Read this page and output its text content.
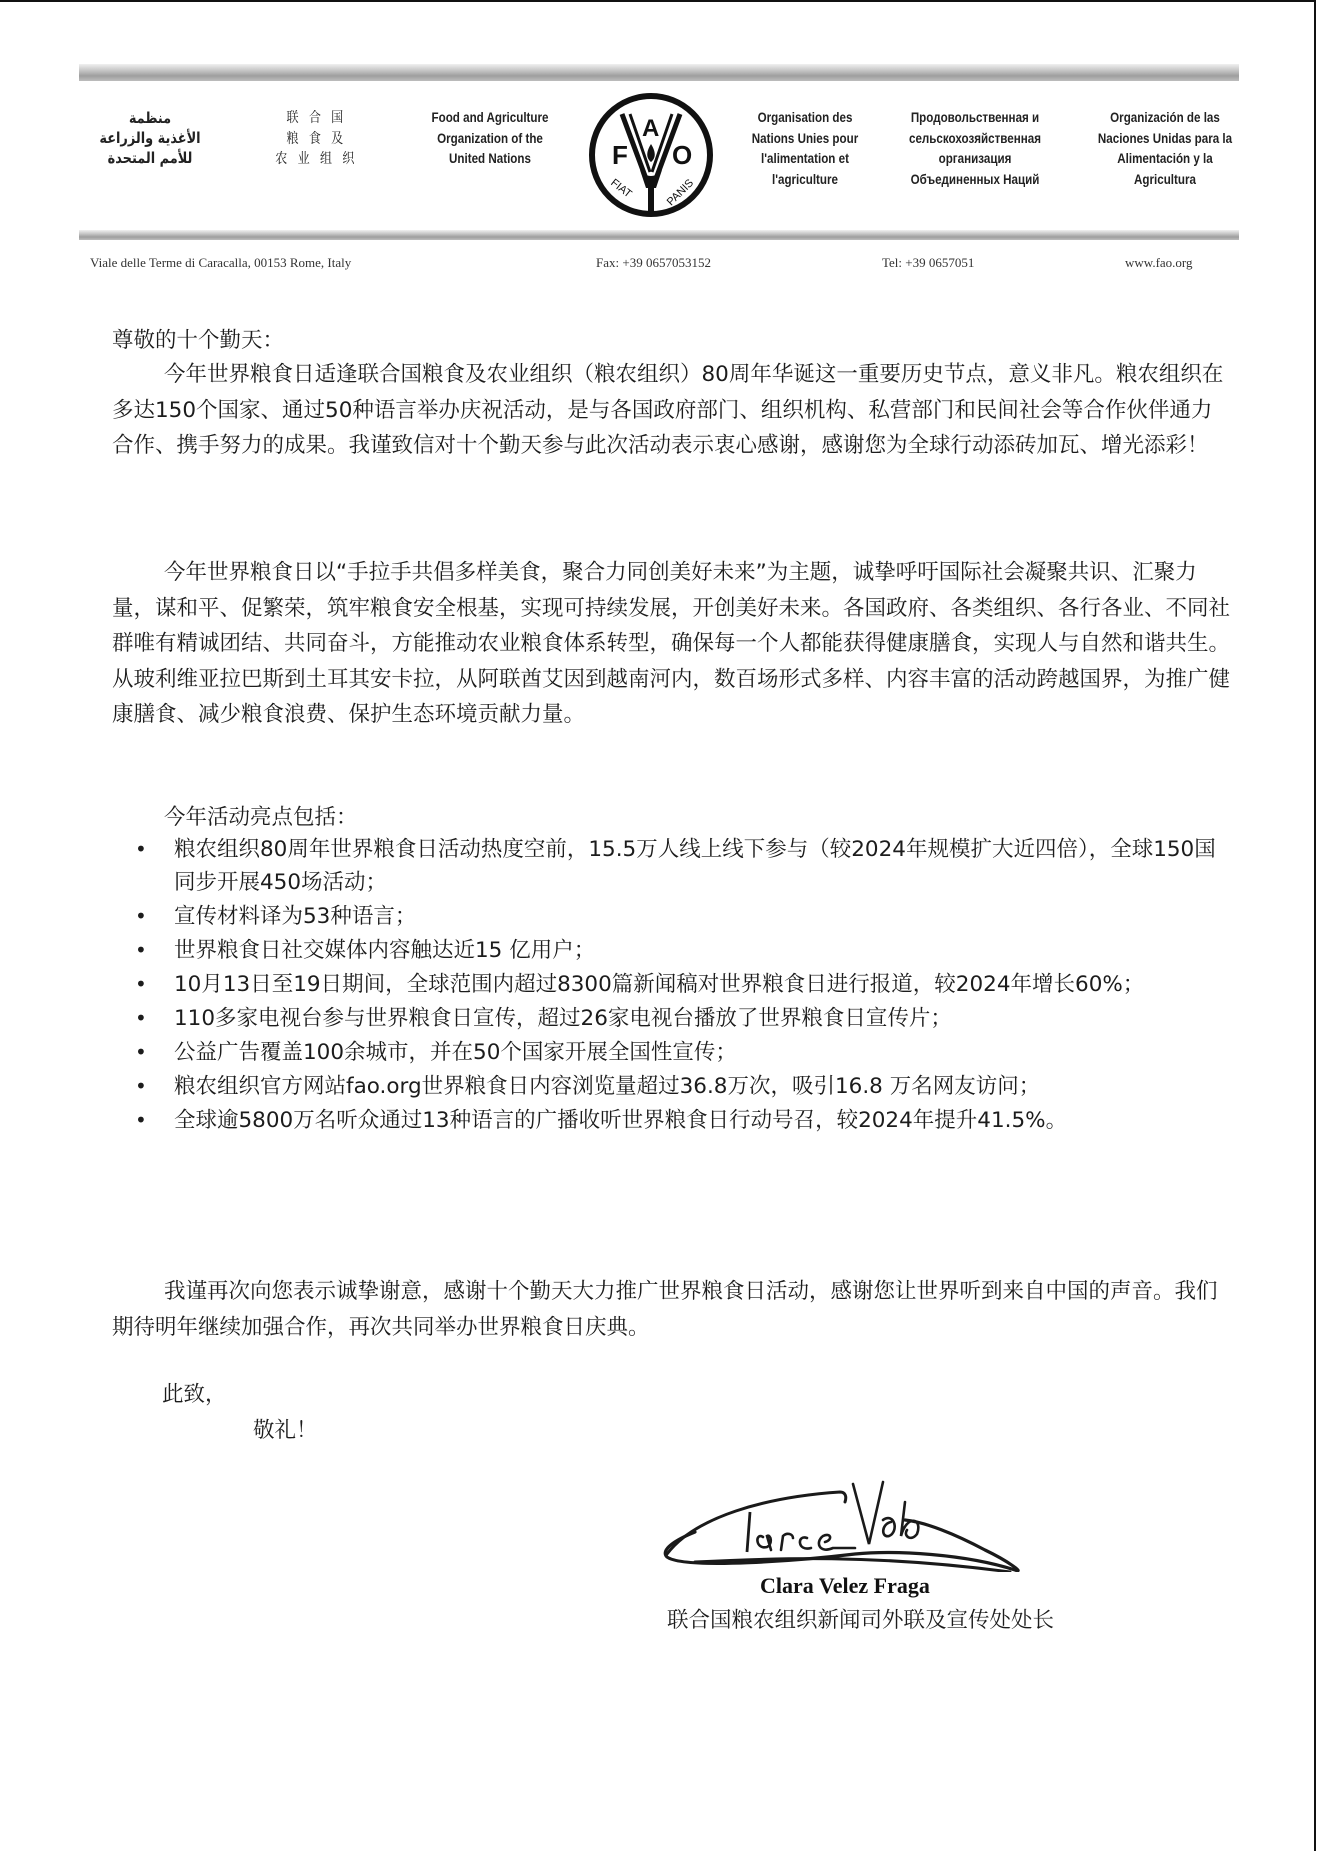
منظمة
الأغذية والزراعة
للأمم المتحدة
联合国
粮食及
农业组织
Food and Agriculture
Organization of the
United Nations	F
A
O
FIAT	PANIS
Organisation des
Nations Unies pour
l'alimentation et
l'agriculture
Продовольственная и
сельскохозяйственная
организация
Объединенных Наций
Organización de las
Naciones Unidas para la
Alimentación y la
Agricultura
Viale delle Terme di Caracalla, 00153 Rome, Italy	Fax: +39 0657053152	Tel: +39 0657051	www.fao.org
尊敬的十个勤天：

今年世界粮食日适逢联合国粮食及农业组织（粮农组织）80周年华诞这一重要历史节点，意义非凡。粮农组织在多达150个国家、通过50种语言举办庆祝活动，是与各国政府部门、组织机构、私营部门和民间社会等合作伙伴通力合作、携手努力的成果。我谨致信对十个勤天参与此次活动表示衷心感谢，感谢您为全球行动添砖加瓦、增光添彩！

今年世界粮食日以“手拉手共倡多样美食，聚合力同创美好未来”为主题，诚挚呼吁国际社会凝聚共识、汇聚力量，谋和平、促繁荣，筑牢粮食安全根基，实现可持续发展，开创美好未来。各国政府、各类组织、各行各业、不同社群唯有精诚团结、共同奋斗，方能推动农业粮食体系转型，确保每一个人都能获得健康膳食，实现人与自然和谐共生。 从玻利维亚拉巴斯到土耳其安卡拉，从阿联酋艾因到越南河内，数百场形式多样、内容丰富的活动跨越国界，为推广健康膳食、减少粮食浪费、保护生态环境贡献力量。

今年活动亮点包括：
• 粮农组织80周年世界粮食日活动热度空前，15.5万人线上线下参与（较2024年规模扩大近四倍），全球150国同步开展450场活动；
• 宣传材料译为53种语言；
• 世界粮食日社交媒体内容触达近15 亿用户；
• 10月13日至19日期间，全球范围内超过8300篇新闻稿对世界粮食日进行报道，较2024年增长60%；
• 110多家电视台参与世界粮食日宣传，超过26家电视台播放了世界粮食日宣传片；
• 公益广告覆盖100余城市，并在50个国家开展全国性宣传；
• 粮农组织官方网站fao.org世界粮食日内容浏览量超过36.8万次，吸引16.8 万名网友访问；
• 全球逾5800万名听众通过13种语言的广播收听世界粮食日行动号召，较2024年提升41.5%。

我谨再次向您表示诚挚谢意，感谢十个勤天大力推广世界粮食日活动，感谢您让世界听到来自中国的声音。我们期待明年继续加强合作，再次共同举办世界粮食日庆典。

此致，
敬礼！
Clara Velez Fraga
联合国粮农组织新闻司外联及宣传处处长
